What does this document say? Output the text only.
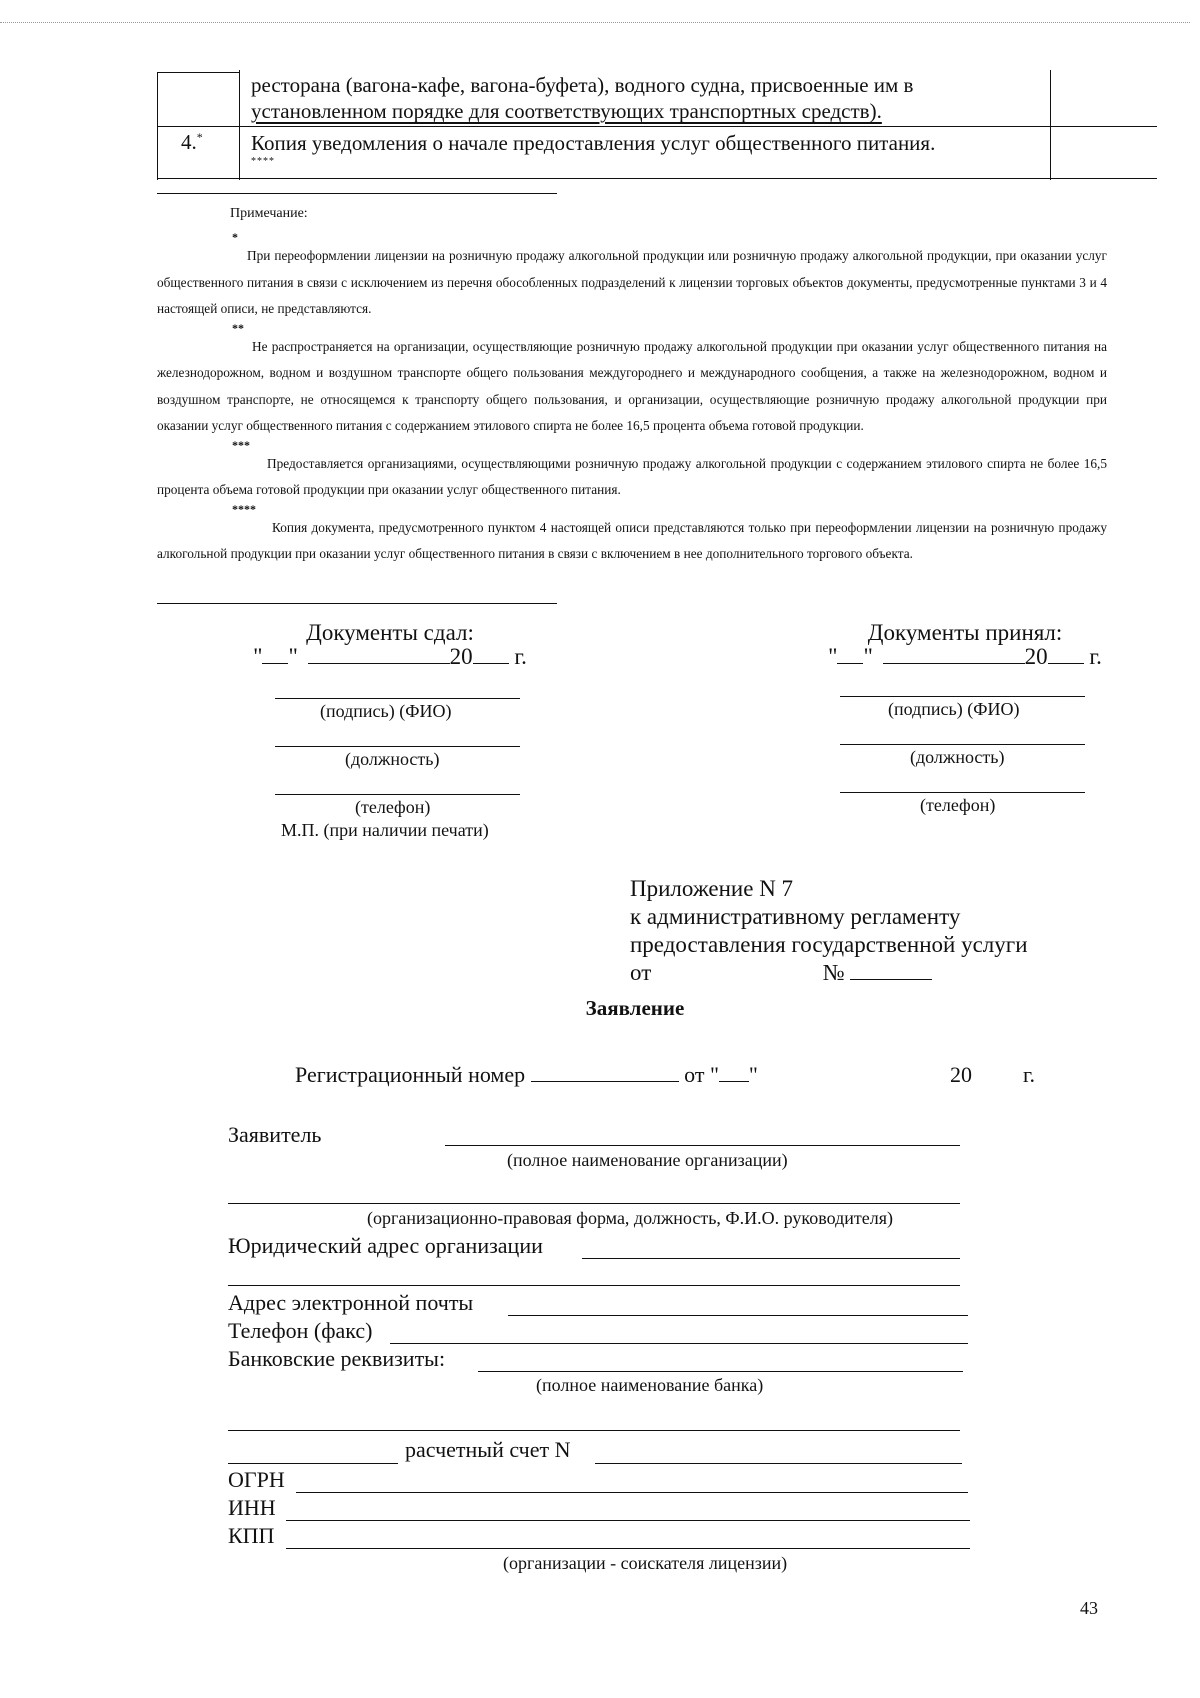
ресторана (вагона-кафе, вагона-буфета), водного судна, присвоенные им в
установленном порядке для соответствующих транспортных средств).
4.* Копия уведомления о начале предоставления услуг общественного питания.
****
Примечание:
*

При переоформлении лицензии на розничную продажу алкогольной продукции или розничную продажу алкогольной продукции, при оказании услуг общественного питания в связи с исключением из перечня обособленных подразделений к лицензии торговых объектов документы, предусмотренные пунктами 3 и 4 настоящей описи, не представляются.

**

Не распространяется на организации, осуществляющие розничную продажу алкогольной продукции при оказании услуг общественного питания на железнодорожном, водном и воздушном транспорте общего пользования междугороднего и международного сообщения, а также на железнодорожном, водном и воздушном транспорте, не относящемся к транспорту общего пользования, и организации, осуществляющие розничную продажу алкогольной продукции при оказании услуг общественного питания с содержанием этилового спирта не более 16,5 процента объема готовой продукции.

***

Предоставляется организациями, осуществляющими розничную продажу алкогольной продукции с содержанием этилового спирта не более 16,5 процента объема готовой продукции при оказании услуг общественного питания.

****

Копия документа, предусмотренного пунктом 4 настоящей описи представляются только при переоформлении лицензии на розничную продажу алкогольной продукции при оказании услуг общественного питания в связи с включением в нее дополнительного торгового объекта.

Документы сдал:
" "	20 г.
(подпись) (ФИО)
(должность)
(телефон)
М.П. (при наличии печати)
Документы принял:
" "	20 г.
(подпись) (ФИО)
(должность)
(телефон)
Приложение N 7
к административному регламенту
предоставления государственной услуги
от	№
Заявление
Регистрационный номер	от " "	20 г.
Заявитель
(полное наименование организации)
(организационно-правовая форма, должность, Ф.И.О. руководителя)
Юридический адрес организации
Адрес электронной почты
Телефон (факс)
Банковские реквизиты:
(полное наименование банка)
расчетный счет N
ОГРН
ИНН
КПП
(организации - соискателя лицензии)
43
